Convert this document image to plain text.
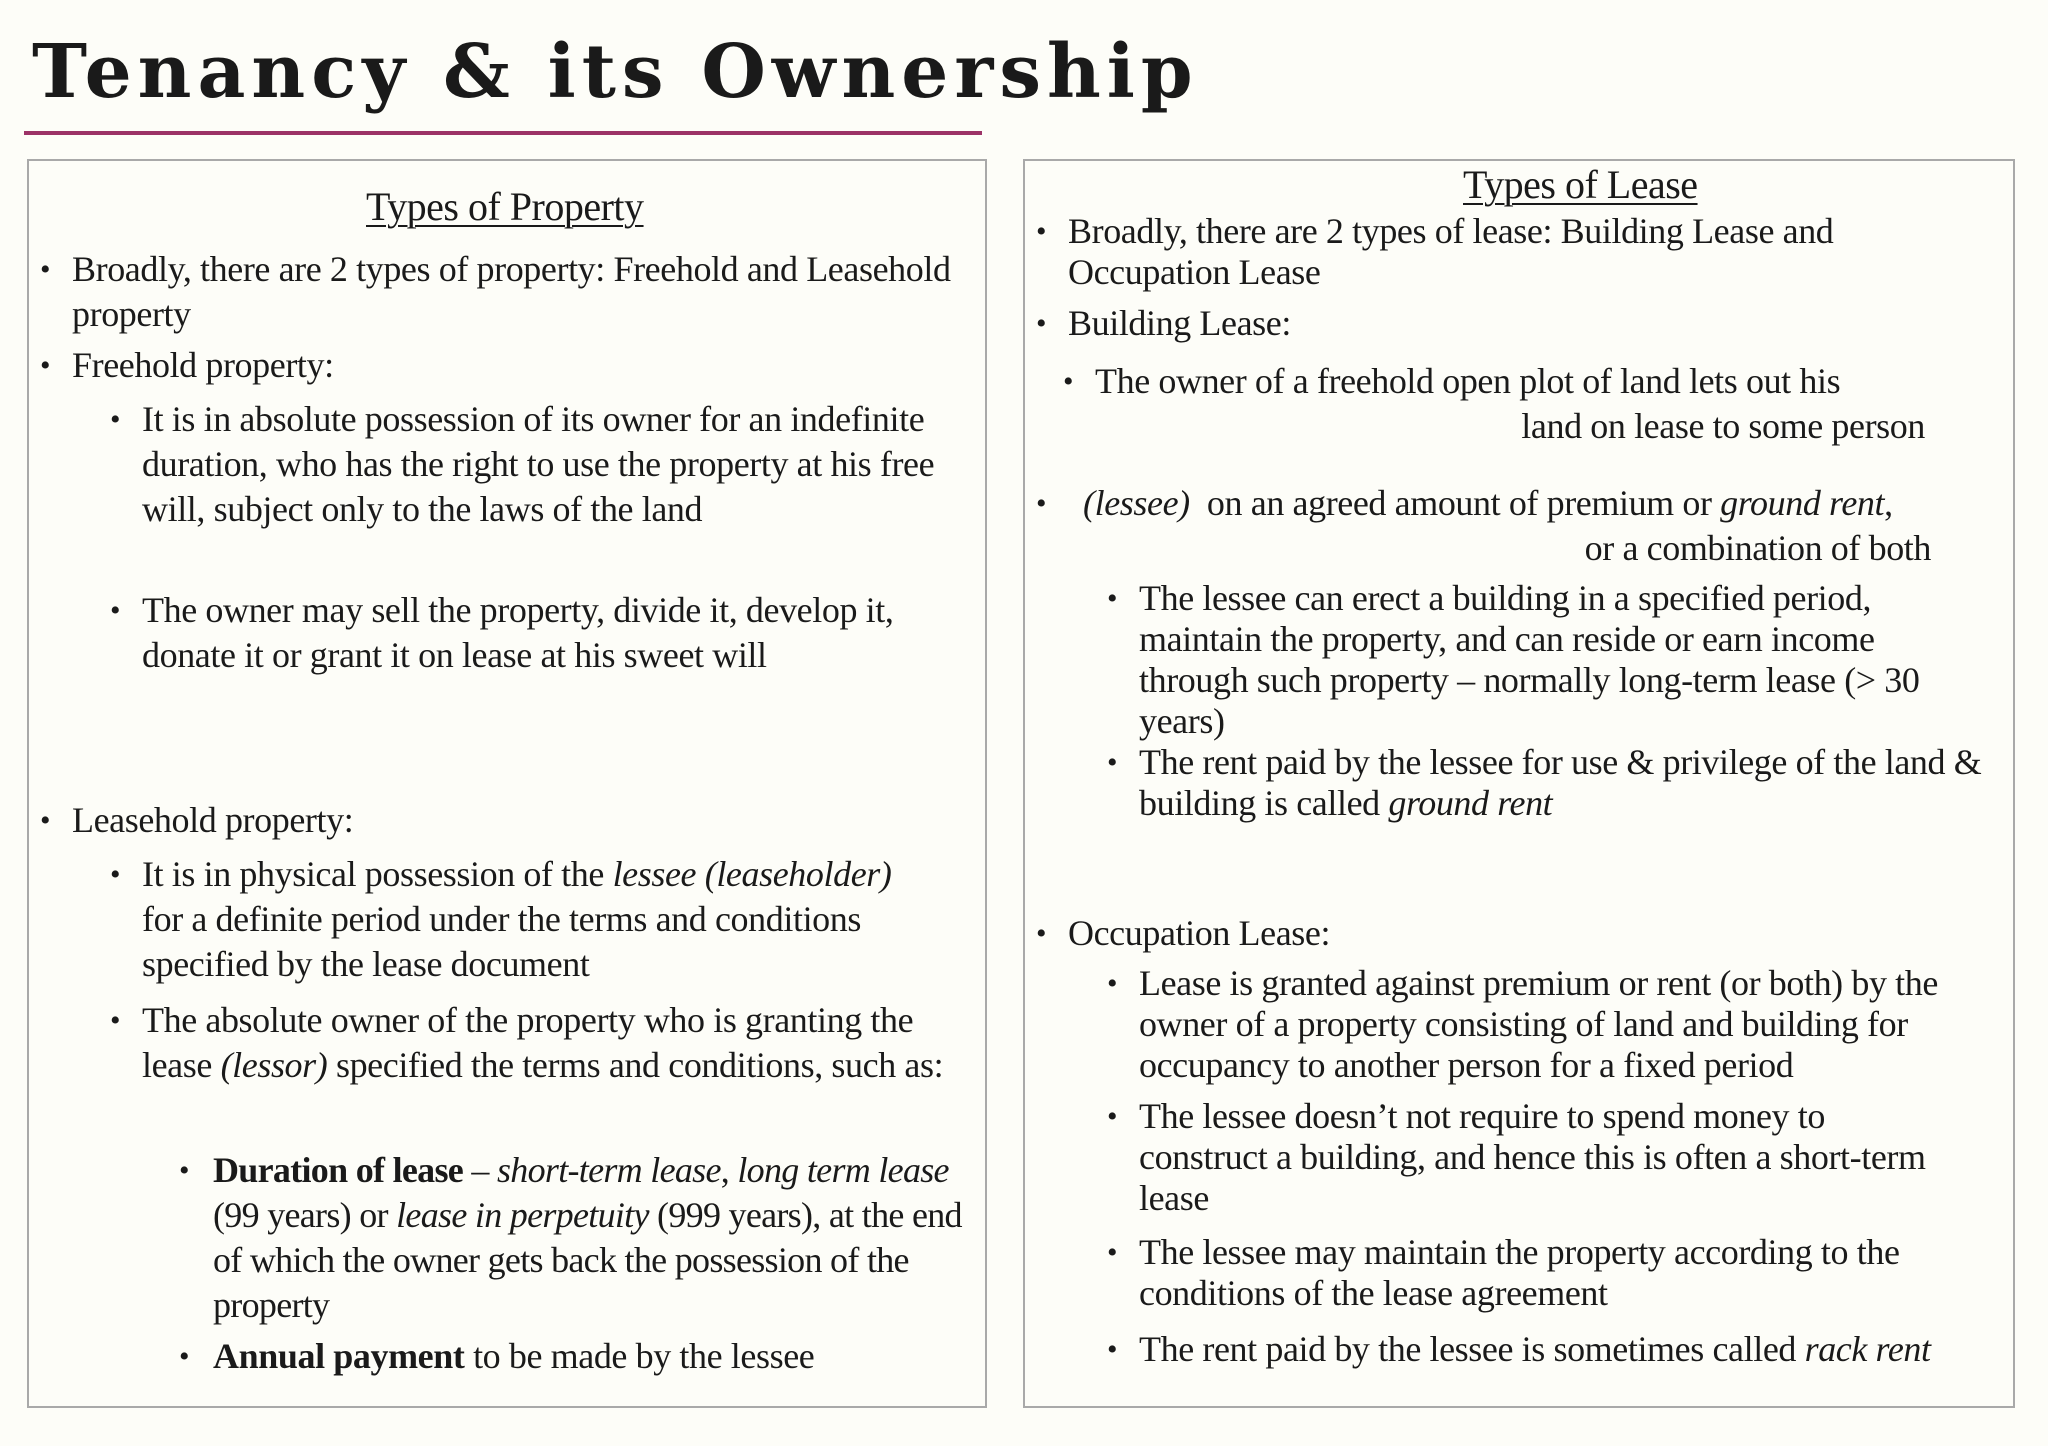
Tenancy & its Ownership
Types of Property
• Broadly, there are 2 types of property: Freehold and Leasehold property
• Freehold property:
• It is in absolute possession of its owner for an indefinite duration, who has the right to use the property at his free will, subject only to the laws of the land
• The owner may sell the property, divide it, develop it, donate it or grant it on lease at his sweet will
• Leasehold property:
• It is in physical possession of the lessee (leaseholder) for a definite period under the terms and conditions specified by the lease document
• The absolute owner of the property who is granting the lease (lessor) specified the terms and conditions, such as:
• Duration of lease – short-term lease, long term lease (99 years) or lease in perpetuity (999 years), at the end of which the owner gets back the possession of the property
• Annual payment to be made by the lessee
Types of Lease
• Broadly, there are 2 types of lease: Building Lease and Occupation Lease
• Building Lease:
• The owner of a freehold open plot of land lets out his
land on lease to some person
• (lessee)  on an agreed amount of premium or ground rent,
or a combination of both
• The lessee can erect a building in a specified period, maintain the property, and can reside or earn income through such property – normally long-term lease (> 30 years)
• The rent paid by the lessee for use & privilege of the land & building is called ground rent
• Occupation Lease:
• Lease is granted against premium or rent (or both) by the owner of a property consisting of land and building for occupancy to another person for a fixed period
• The lessee doesn’t not require to spend money to construct a building, and hence this is often a short-term lease
• The lessee may maintain the property according to the conditions of the lease agreement
• The rent paid by the lessee is sometimes called rack rent
